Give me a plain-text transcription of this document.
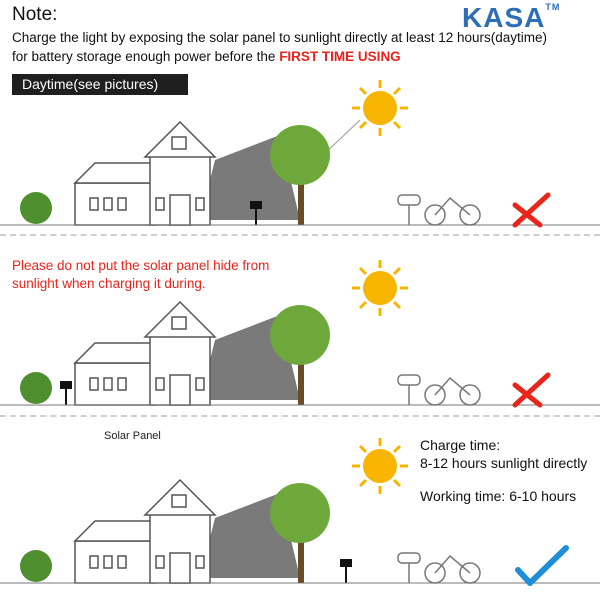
Note:
Charge the light by exposing the solar panel to sunlight directly at least 12 hours(daytime)
for battery storage enough power before the FIRST TIME USING
KASA™
Daytime(see pictures)
Please do not put the solar panel hide from
sunlight when charging it during.
Solar Panel
Charge time:
8-12 hours sunlight directly
Working time: 6-10 hours
